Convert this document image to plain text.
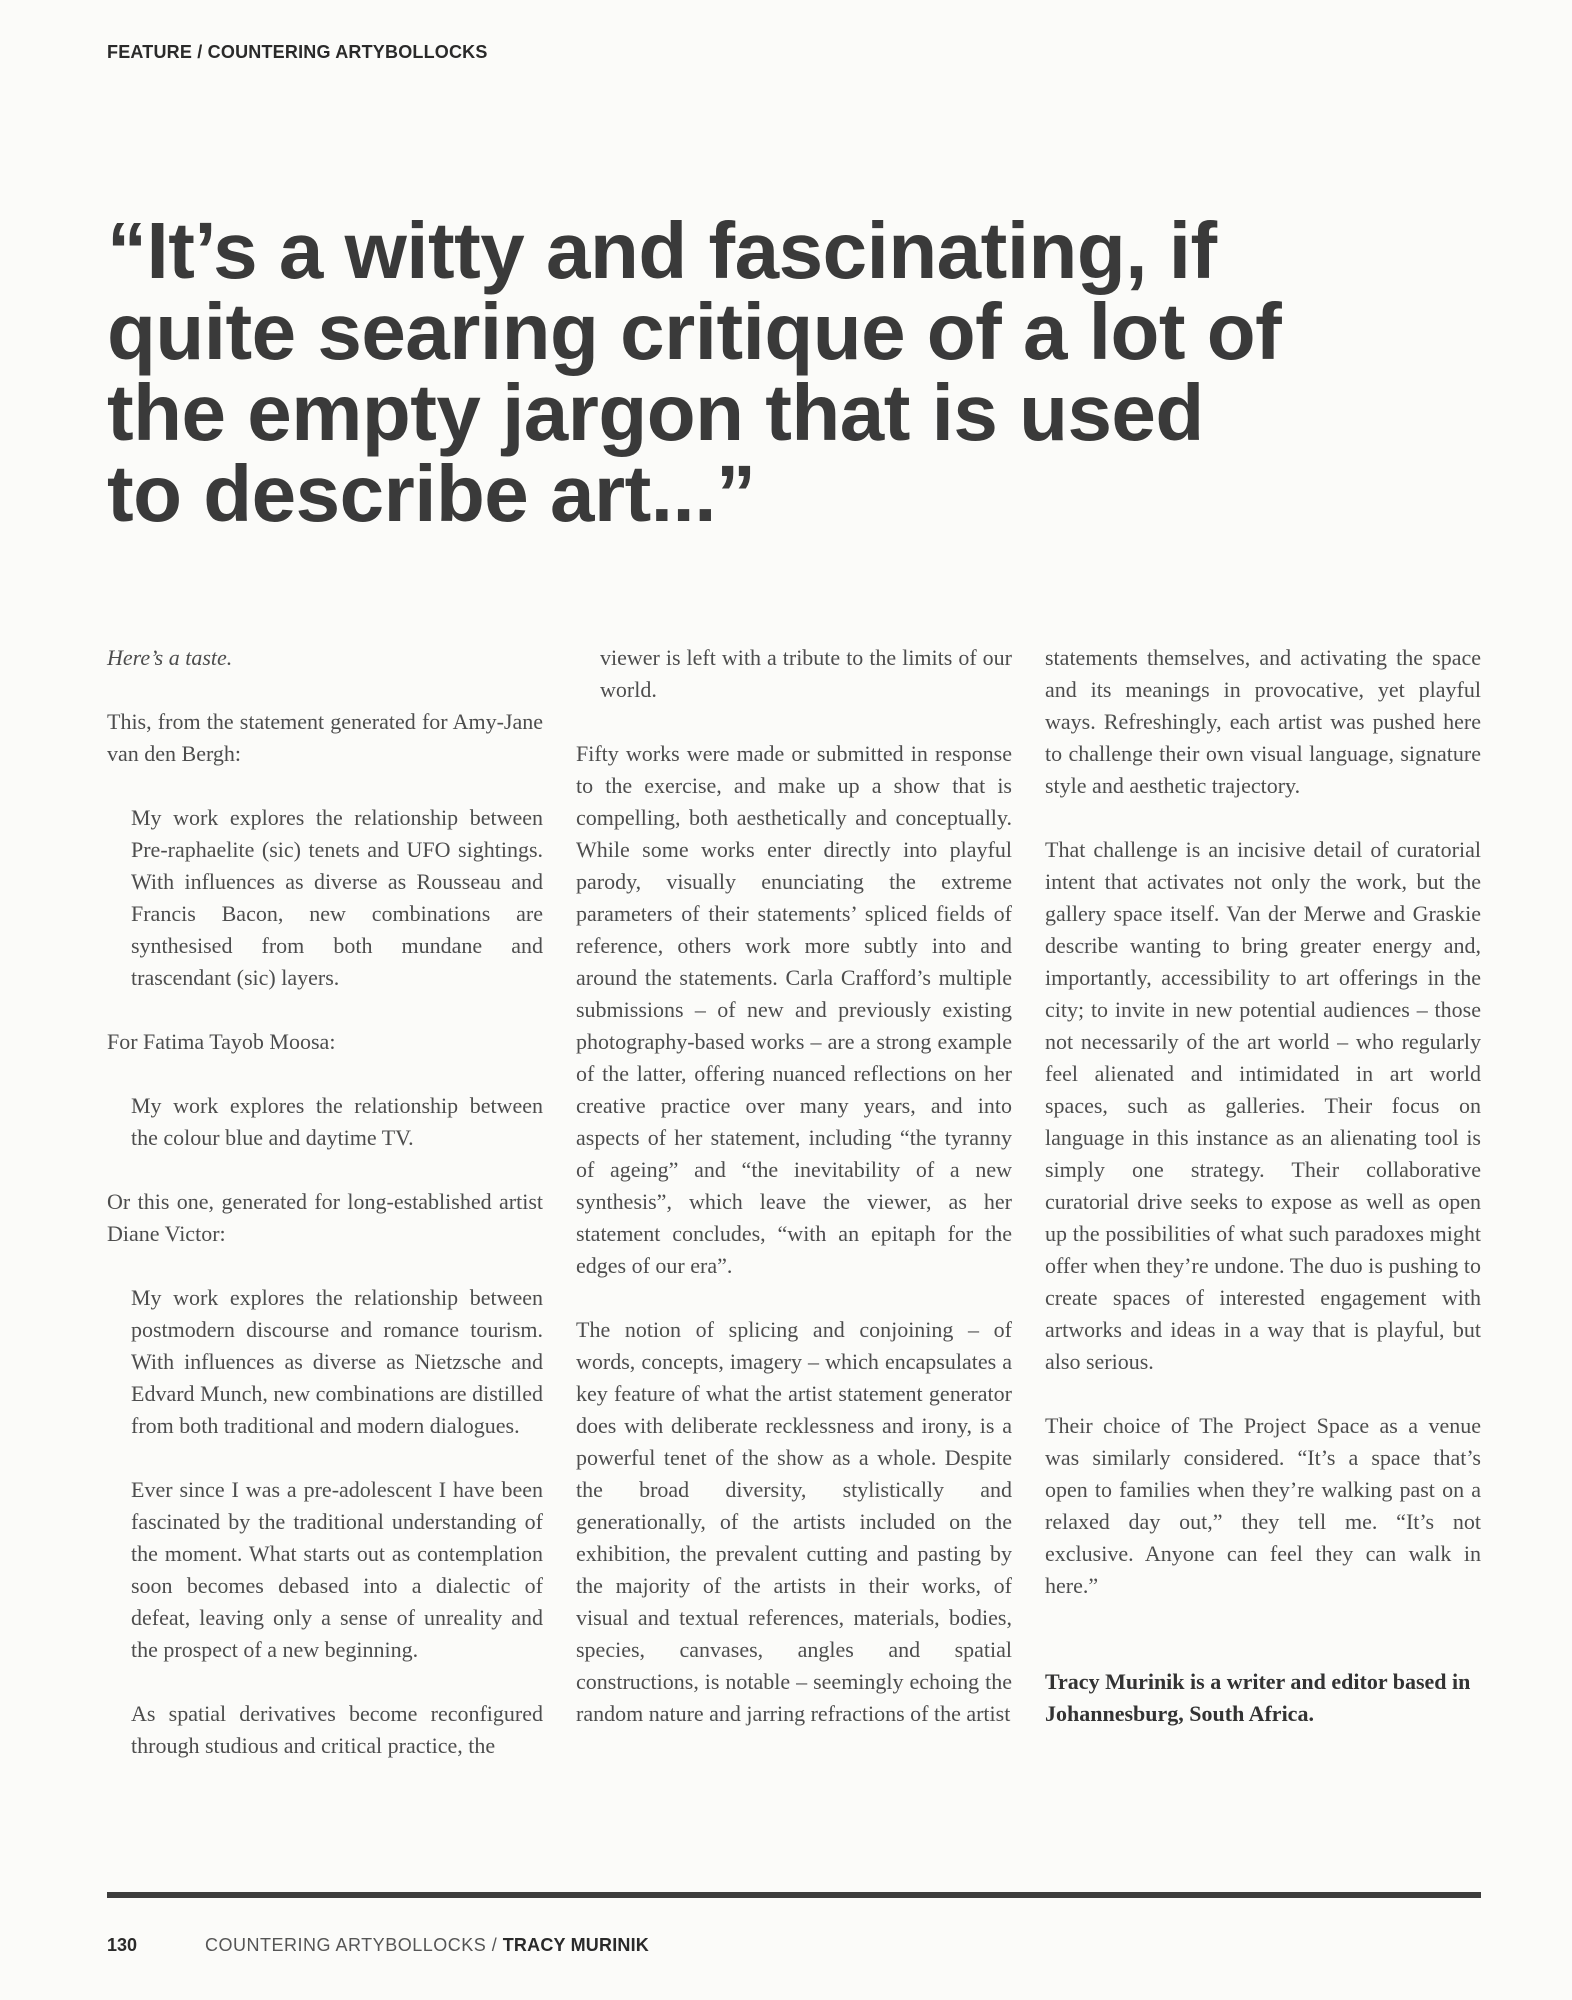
FEATURE / COUNTERING ARTYBOLLOCKS
“It’s a witty and fascinating, if
quite searing critique of a lot of
the empty jargon that is used
to describe art...”

Here’s a taste.

This, from the statement generated for Amy-Jane van den Bergh:

My work explores the relationship between Pre-raphaelite (sic) tenets and UFO sightings. With influences as diverse as Rousseau and Francis Bacon, new combinations are synthesised from both mundane and trascendant (sic) layers.

For Fatima Tayob Moosa:

My work explores the relationship between the colour blue and daytime TV.

Or this one, generated for long-established artist Diane Victor:

My work explores the relationship between postmodern discourse and romance tourism. With influences as diverse as Nietzsche and Edvard Munch, new combinations are distilled from both traditional and modern dialogues.

Ever since I was a pre-adolescent I have been fascinated by the traditional understanding of the moment. What starts out as contemplation soon becomes debased into a dialectic of defeat, leaving only a sense of unreality and the prospect of a new beginning.

As spatial derivatives become reconfigured through studious and critical practice, the

viewer is left with a tribute to the limits of our world.

Fifty works were made or submitted in response to the exercise, and make up a show that is compelling, both aesthetically and conceptually. While some works enter directly into playful parody, visually enunciating the extreme parameters of their statements’ spliced fields of reference, others work more subtly into and around the statements. Carla Crafford’s multiple submissions – of new and previously existing photography-based works – are a strong example of the latter, offering nuanced reflections on her creative practice over many years, and into aspects of her statement, including “the tyranny of ageing” and “the inevitability of a new synthesis”, which leave the viewer, as her statement concludes, “with an epitaph for the edges of our era”.

The notion of splicing and conjoining – of words, concepts, imagery – which encapsulates a key feature of what the artist statement generator does with deliberate recklessness and irony, is a powerful tenet of the show as a whole. Despite the broad diversity, stylistically and generationally, of the artists included on the exhibition, the prevalent cutting and pasting by the majority of the artists in their works, of visual and textual references, materials, bodies, species, canvases, angles and spatial constructions, is notable – seemingly echoing the random nature and jarring refractions of the artist

statements themselves, and activating the space and its meanings in provocative, yet playful ways. Refreshingly, each artist was pushed here to challenge their own visual language, signature style and aesthetic trajectory.

That challenge is an incisive detail of curatorial intent that activates not only the work, but the gallery space itself. Van der Merwe and Graskie describe wanting to bring greater energy and, importantly, accessibility to art offerings in the city; to invite in new potential audiences – those not necessarily of the art world – who regularly feel alienated and intimidated in art world spaces, such as galleries. Their focus on language in this instance as an alienating tool is simply one strategy. Their collaborative curatorial drive seeks to expose as well as open up the possibilities of what such paradoxes might offer when they’re undone. The duo is pushing to create spaces of interested engagement with artworks and ideas in a way that is playful, but also serious.

Their choice of The Project Space as a venue was similarly considered. “It’s a space that’s open to families when they’re walking past on a relaxed day out,” they tell me. “It’s not exclusive. Anyone can feel they can walk in here.”

Tracy Murinik is a writer and editor based in Johannesburg, South Africa.

130	COUNTERING ARTYBOLLOCKS / TRACY MURINIK
